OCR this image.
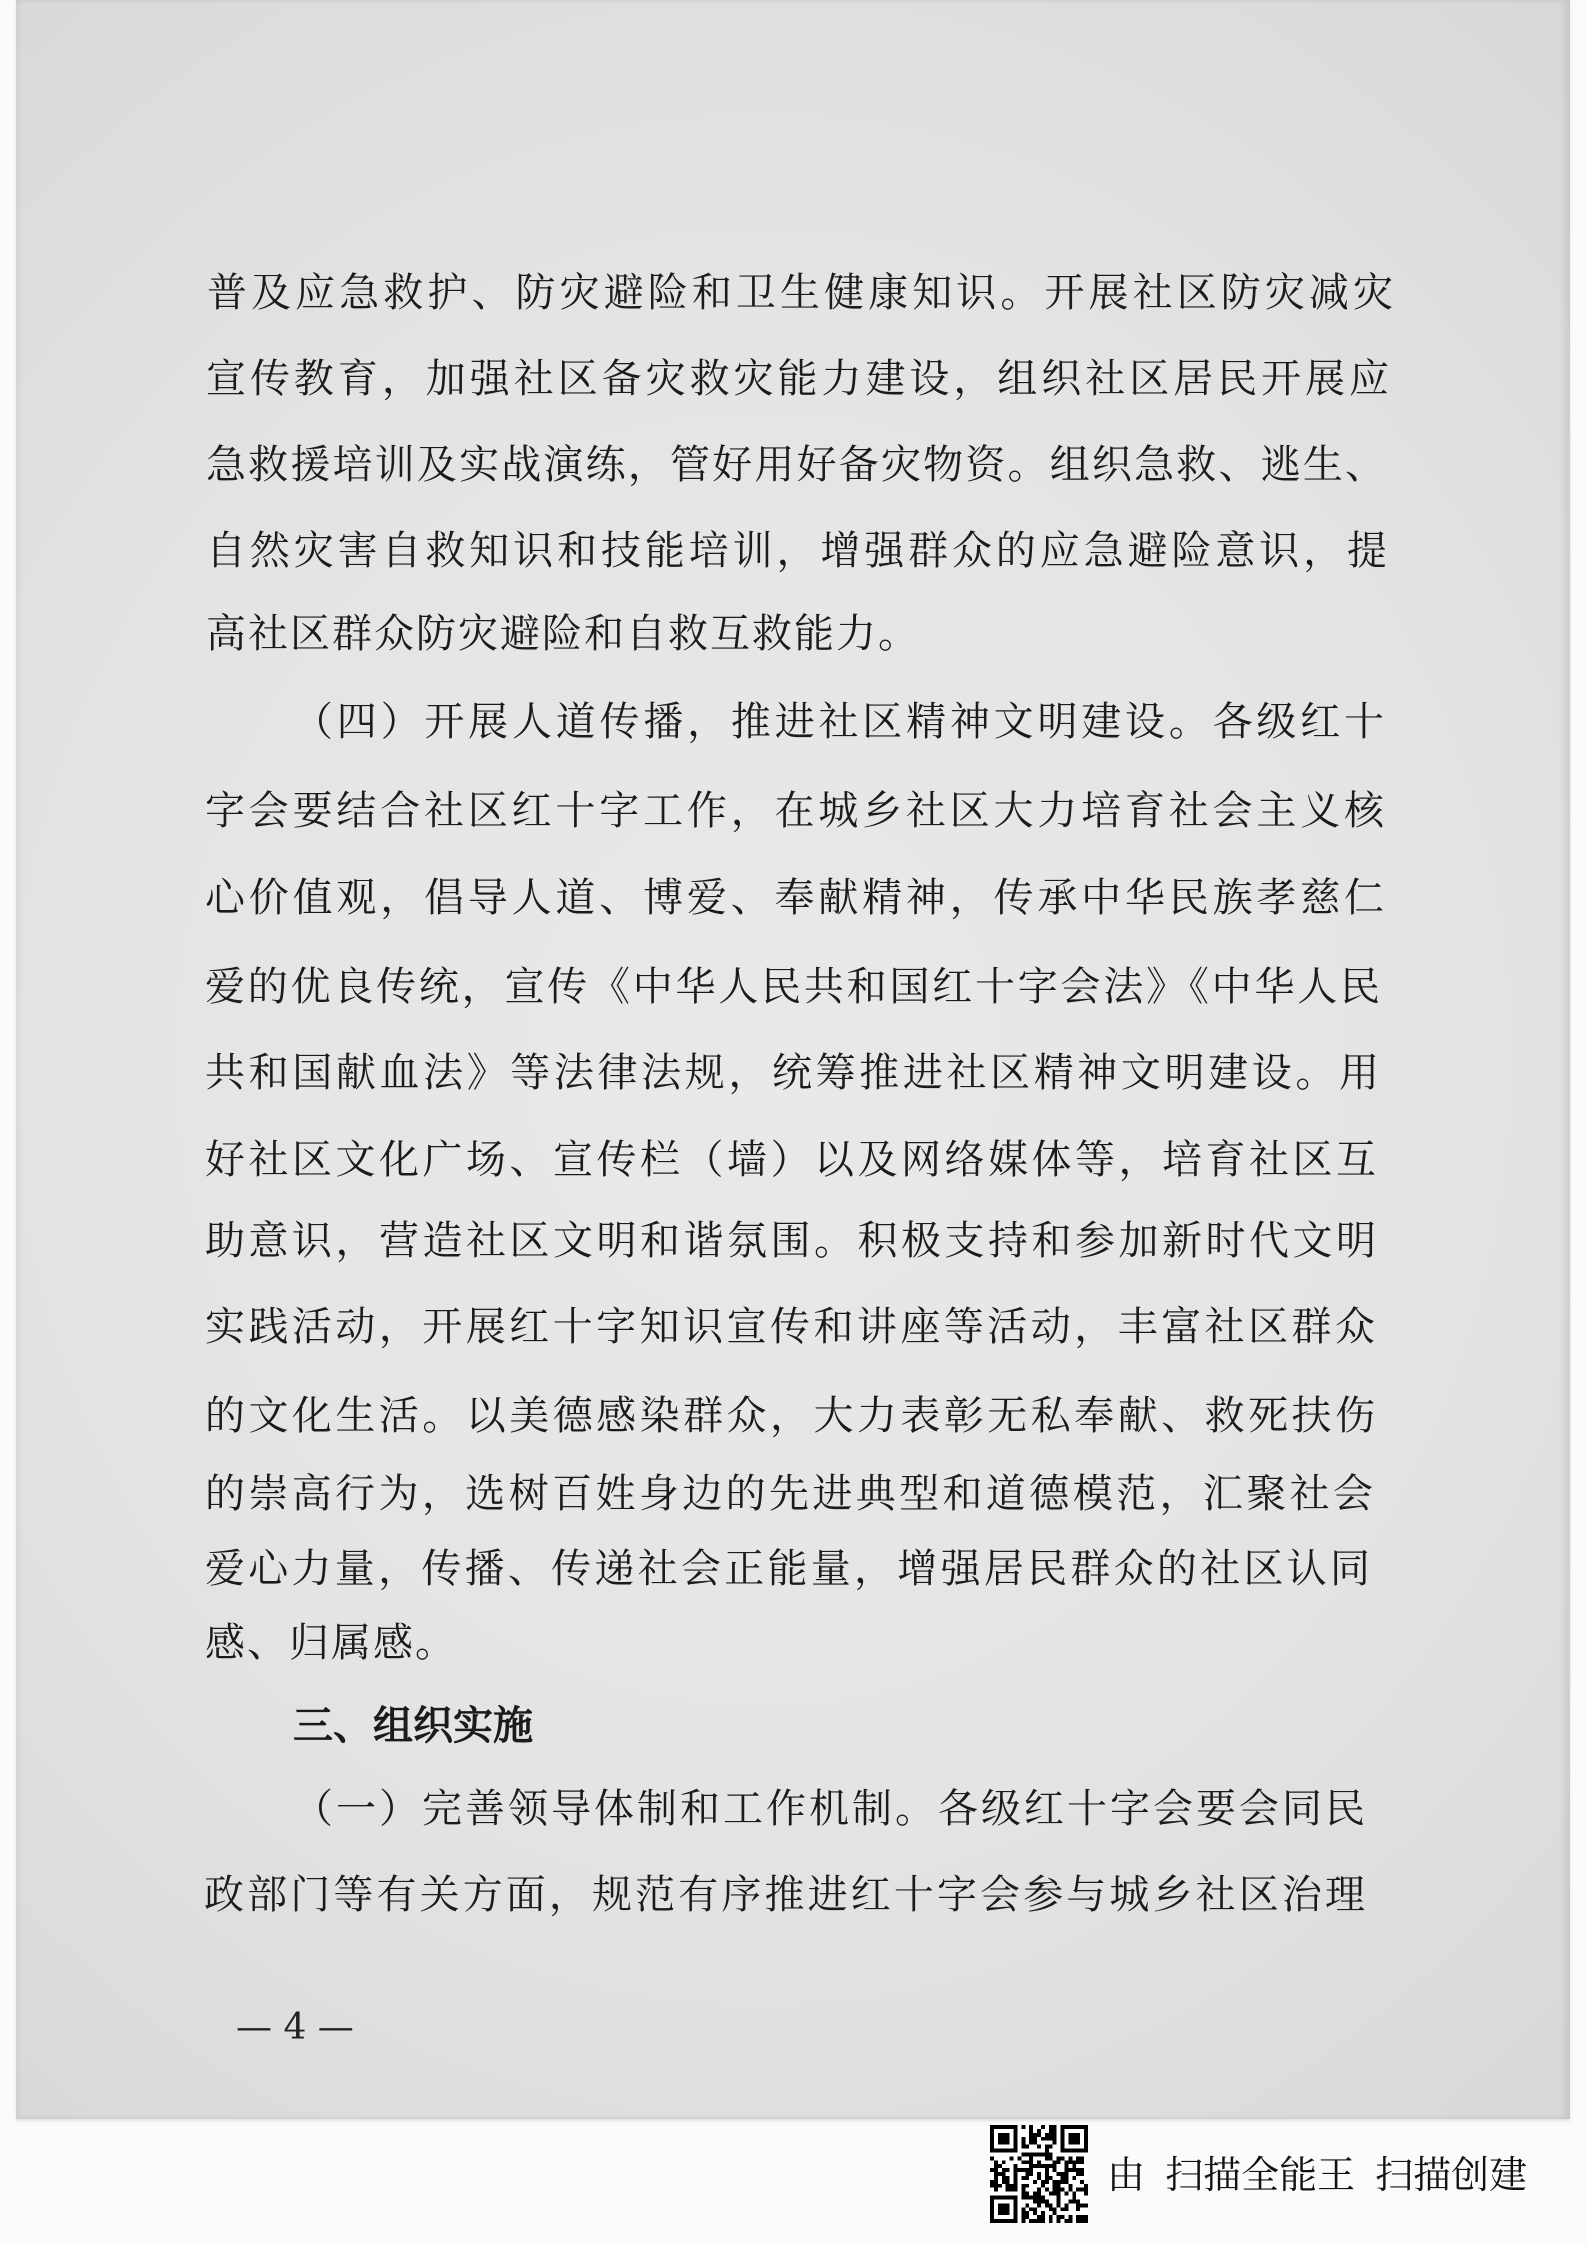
普及应急救护、防灾避险和卫生健康知识。开展社区防灾减灾
宣传教育，加强社区备灾救灾能力建设，组织社区居民开展应
急救援培训及实战演练，管好用好备灾物资。组织急救、逃生、
自然灾害自救知识和技能培训，增强群众的应急避险意识，提
高社区群众防灾避险和自救互救能力。
（四）开展人道传播，推进社区精神文明建设。各级红十
字会要结合社区红十字工作，在城乡社区大力培育社会主义核
心价值观，倡导人道、博爱、奉献精神，传承中华民族孝慈仁
爱的优良传统，宣传《中华人民共和国红十字会法》《中华人民
共和国献血法》等法律法规，统筹推进社区精神文明建设。用
好社区文化广场、宣传栏（墙）以及网络媒体等，培育社区互
助意识，营造社区文明和谐氛围。积极支持和参加新时代文明
实践活动，开展红十字知识宣传和讲座等活动，丰富社区群众
的文化生活。以美德感染群众，大力表彰无私奉献、救死扶伤
的崇高行为，选树百姓身边的先进典型和道德模范，汇聚社会
爱心力量，传播、传递社会正能量，增强居民群众的社区认同
感、归属感。
三、组织实施
（一）完善领导体制和工作机制。各级红十字会要会同民
政部门等有关方面，规范有序推进红十字会参与城乡社区治理
— 4 —
由 扫描全能王 扫描创建
